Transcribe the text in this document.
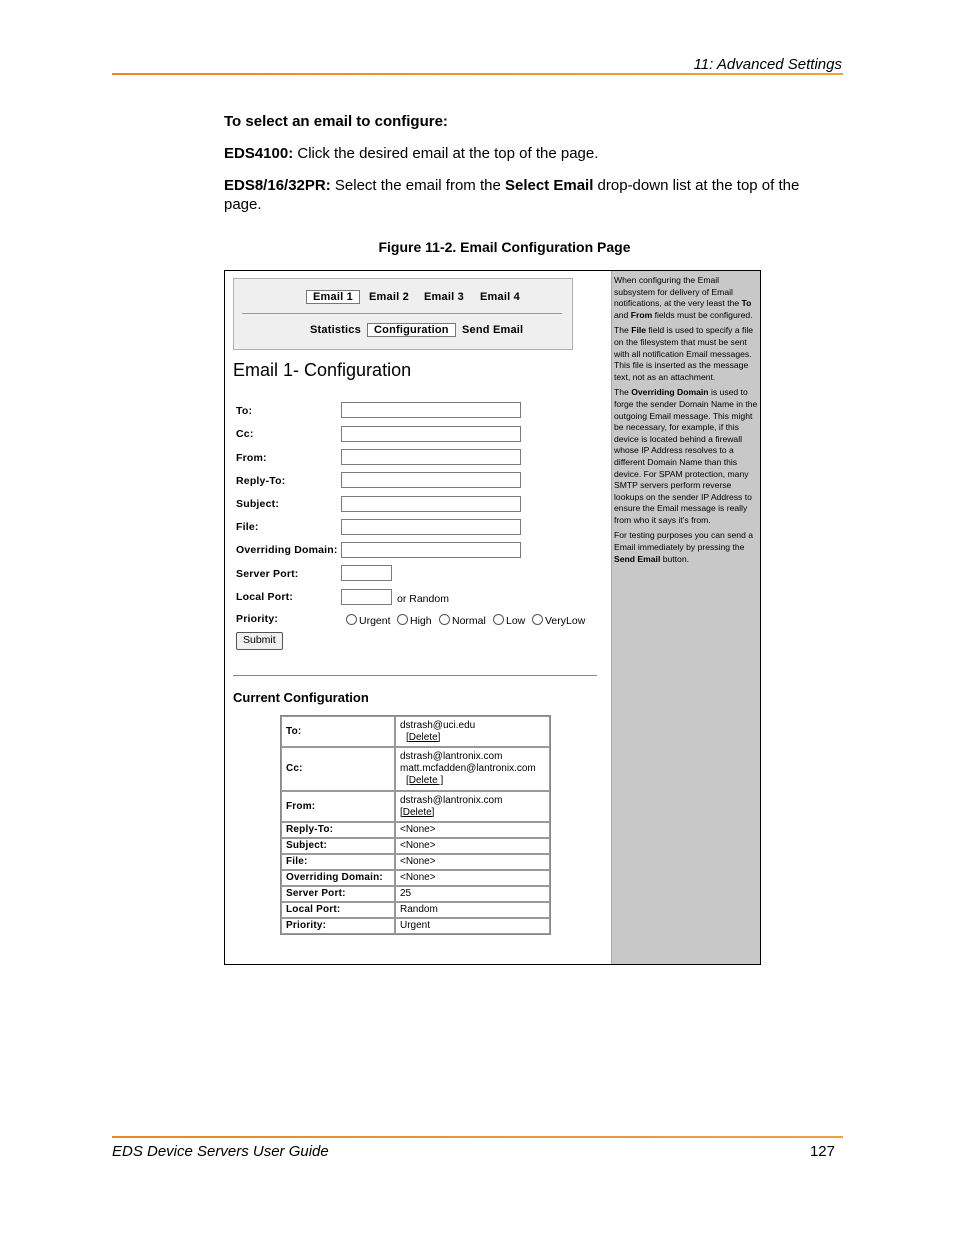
11: Advanced Settings
To select an email to configure:
EDS4100: Click the desired email at the top of the page.
EDS8/16/32PR: Select the email from the Select Email drop-down list at the top of the page.
Figure 11-2. Email Configuration Page
Email 1	Email 2	Email 3	Email 4
Statistics	Configuration	Send Email
Email 1- Configuration
To:
Cc:
From:
Reply-To:
Subject:
File:
Overriding Domain:
Server Port:
Local Port:	or Random
Priority:	Urgent	High	Normal	Low	VeryLow
Submit
Current Configuration
To:	dstrash@uci.edu
[Delete]
Cc:	dstrash@lantronix.com
matt.mcfadden@lantronix.com
[Delete ]
From:	dstrash@lantronix.com
[Delete]
Reply-To:	<None>
Subject:	<None>
File:	<None>
Overriding Domain:	<None>
Server Port:	25
Local Port:	Random
Priority:	Urgent

When configuring the Email subsystem for delivery of Email notifications, at the very least the To and From fields must be configured.

The File field is used to specify a file on the filesystem that must be sent with all notification Email messages. This file is inserted as the message text, not as an attachment.

The Overriding Domain is used to forge the sender Domain Name in the outgoing Email message. This might be necessary, for example, if this device is located behind a firewall whose IP Address resolves to a different Domain Name than this device. For SPAM protection, many SMTP servers perform reverse lookups on the sender IP Address to ensure the Email message is really from who it says it's from.

For testing purposes you can send a Email immediately by pressing the Send Email button.

EDS Device Servers User Guide	127
